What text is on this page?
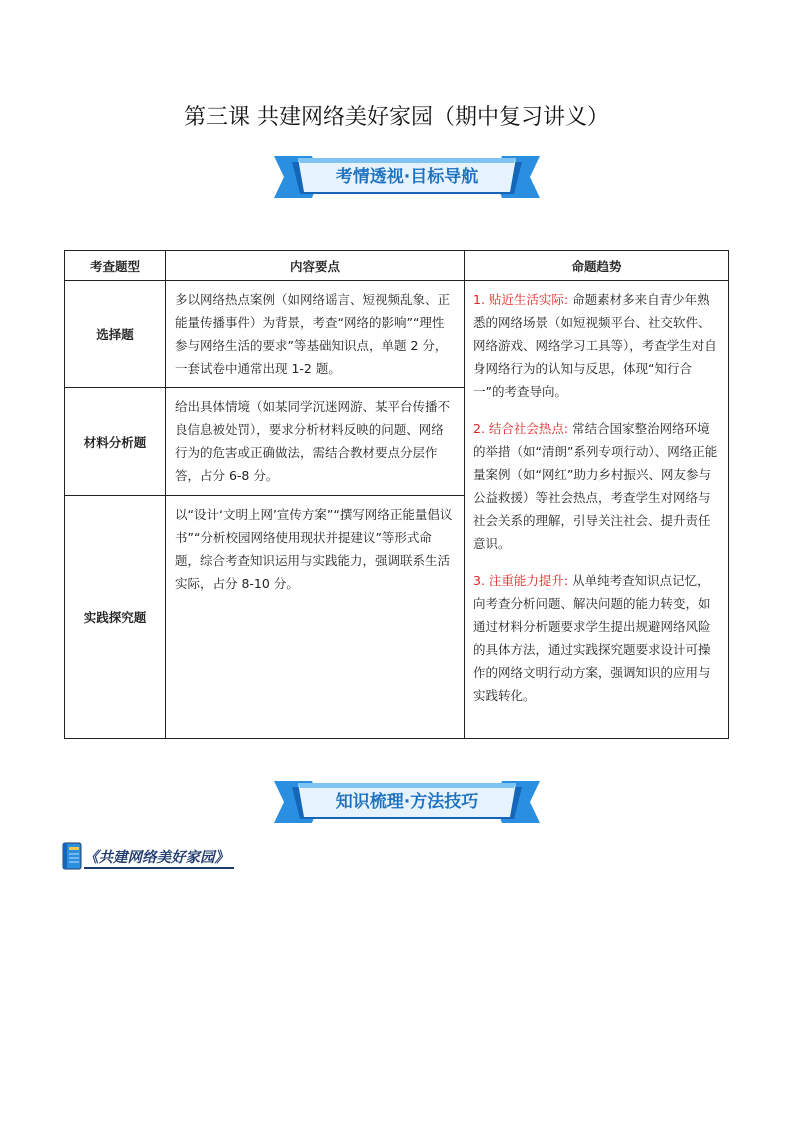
第三课 共建网络美好家园（期中复习讲义）
考情透视·目标导航
考查题型	内容要点	命题趋势
选择题	多以网络热点案例（如网络谣言、短视频乱象、正能量传播事件）为背景，考查“网络的影响”“理性参与网络生活的要求”等基础知识点，单题 2 分，一套试卷中通常出现 1-2 题。	1. 贴近生活实际: 命题素材多来自青少年熟悉的网络场景（如短视频平台、社交软件、网络游戏、网络学习工具等），考查学生对自身网络行为的认知与反思，体现“知行合一”的考查导向。

2. 结合社会热点: 常结合国家整治网络环境的举措（如“清朗”系列专项行动）、网络正能量案例（如“网红”助力乡村振兴、网友参与公益救援）等社会热点，考查学生对网络与社会关系的理解，引导关注社会、提升责任意识。

3. 注重能力提升: 从单纯考查知识点记忆，向考查分析问题、解决问题的能力转变，如通过材料分析题要求学生提出规避网络风险的具体方法，通过实践探究题要求设计可操作的网络文明行动方案，强调知识的应用与实践转化。

材料分析题	给出具体情境（如某同学沉迷网游、某平台传播不良信息被处罚），要求分析材料反映的问题、网络行为的危害或正确做法，需结合教材要点分层作答，占分 6-8 分。	
实践探究题	以“设计‘文明上网’宣传方案”“撰写网络正能量倡议书”“分析校园网络使用现状并提建议”等形式命题，综合考查知识运用与实践能力，强调联系生活实际，占分 8-10 分。	
知识梳理·方法技巧
《共建网络美好家园》
